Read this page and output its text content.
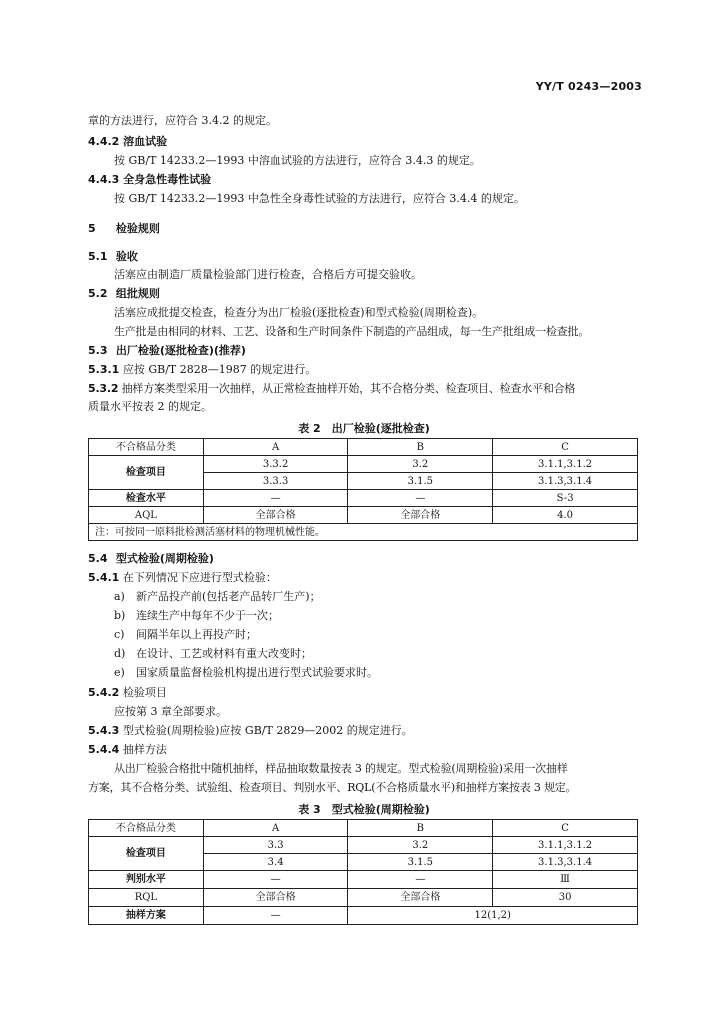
YY/T 0243—2003
章的方法进行，应符合 3.4.2 的规定。
4.4.2 溶血试验
按 GB/T 14233.2—1993 中溶血试验的方法进行，应符合 3.4.3 的规定。
4.4.3 全身急性毒性试验
按 GB/T 14233.2—1993 中急性全身毒性试验的方法进行，应符合 3.4.4 的规定。
5 检验规则
5.1 验收
活塞应由制造厂质量检验部门进行检查，合格后方可提交验收。
5.2 组批规则
活塞应成批提交检查，检查分为出厂检验(逐批检查)和型式检验(周期检查)。
生产批是由相同的材料、工艺、设备和生产时间条件下制造的产品组成，每一生产批组成一检查批。
5.3 出厂检验(逐批检查)(推荐)
5.3.1 应按 GB/T 2828—1987 的规定进行。
5.3.2 抽样方案类型采用一次抽样，从正常检查抽样开始，其不合格分类、检查项目、检查水平和合格
质量水平按表 2 的规定。
表 2　出厂检验(逐批检查)
不合格品分类	A	B	C
检查项目	3.3.2	3.2	3.1.1,3.1.2
	3.3.3	3.1.5	3.1.3,3.1.4
检查水平	—	—	S-3
AQL	全部合格	全部合格	4.0
注：可按同一原料批检测活塞材料的物理机械性能。			
5.4 型式检验(周期检验)
5.4.1 在下列情况下应进行型式检验：
a) 新产品投产前(包括老产品转厂生产)；
b) 连续生产中每年不少于一次；
c) 间隔半年以上再投产时；
d) 在设计、工艺或材料有重大改变时；
e) 国家质量监督检验机构提出进行型式试验要求时。
5.4.2 检验项目
应按第 3 章全部要求。
5.4.3 型式检验(周期检验)应按 GB/T 2829—2002 的规定进行。
5.4.4 抽样方法
从出厂检验合格批中随机抽样，样品抽取数量按表 3 的规定。型式检验(周期检验)采用一次抽样
方案，其不合格分类、试验组、检查项目、判别水平、RQL(不合格质量水平)和抽样方案按表 3 规定。
表 3　型式检验(周期检验)
不合格品分类	A	B	C
检查项目	3.3	3.2	3.1.1,3.1.2
	3.4	3.1.5	3.1.3,3.1.4
判别水平	—	—	Ⅲ
RQL	全部合格	全部合格	30
抽样方案	—	12(1,2)	
